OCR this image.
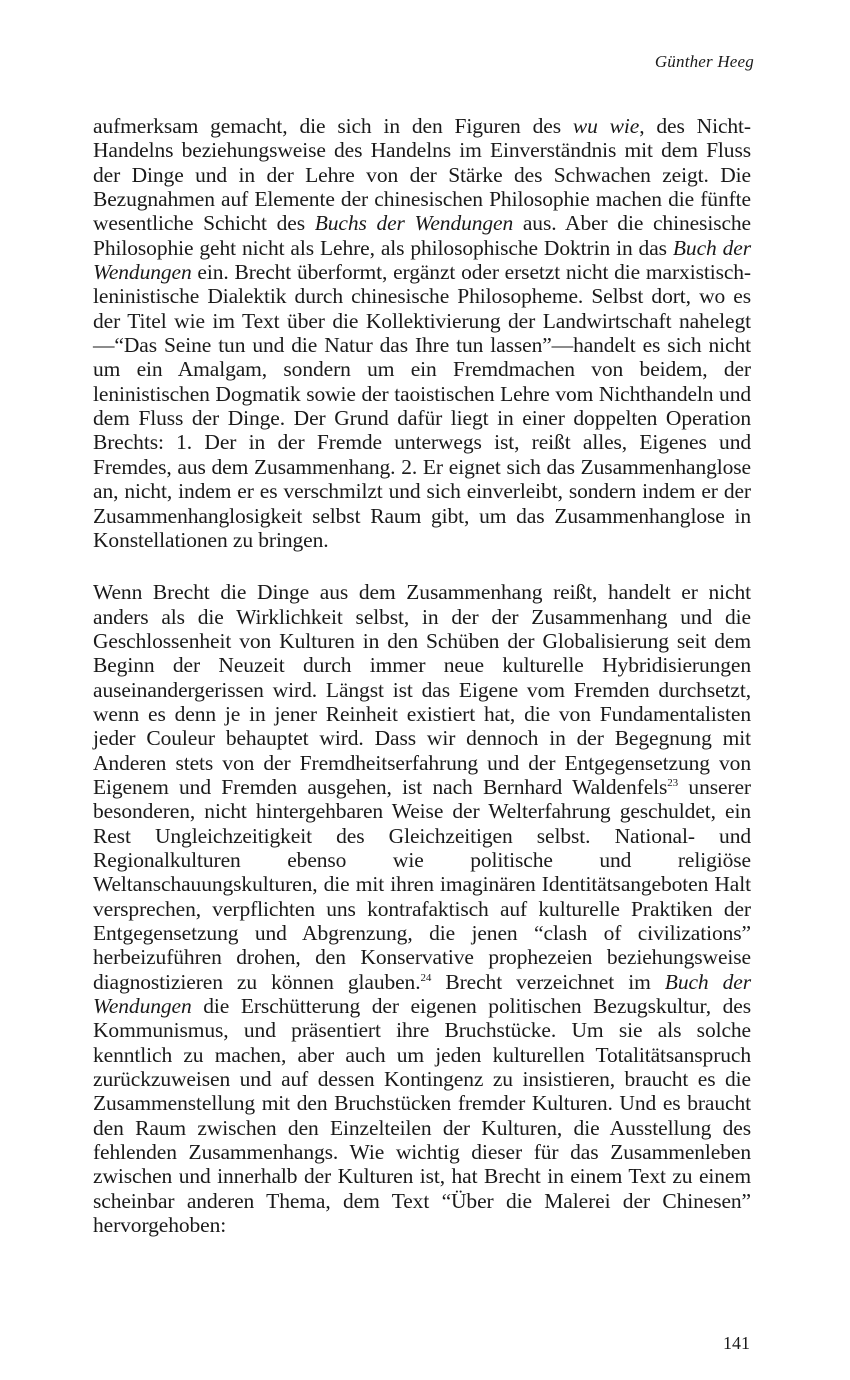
Günther Heeg

aufmerksam gemacht, die sich in den Figuren des wu wie, des Nicht-Handelns beziehungsweise des Handelns im Einverständnis mit dem Fluss der Dinge und in der Lehre von der Stärke des Schwachen zeigt. Die Bezugnahmen auf Elemente der chinesischen Philosophie machen die fünfte wesentliche Schicht des Buchs der Wendungen aus. Aber die chinesische Philosophie geht nicht als Lehre, als philosophische Doktrin in das Buch der Wendungen ein. Brecht überformt, ergänzt oder ersetzt nicht die marxistisch-leninistische Dialektik durch chinesische Philosopheme. Selbst dort, wo es der Titel wie im Text über die Kollektivierung der Landwirtschaft nahelegt—“Das Seine tun und die Natur das Ihre tun lassen”—handelt es sich nicht um ein Amalgam, sondern um ein Fremdmachen von beidem, der leninistischen Dogmatik sowie der taoistischen Lehre vom Nichthandeln und dem Fluss der Dinge. Der Grund dafür liegt in einer doppelten Operation Brechts: 1. Der in der Fremde unterwegs ist, reißt alles, Eigenes und Fremdes, aus dem Zusammenhang. 2. Er eignet sich das Zusammenhanglose an, nicht, indem er es verschmilzt und sich einverleibt, sondern indem er der Zusammenhanglosigkeit selbst Raum gibt, um das Zusammenhanglose in Konstellationen zu bringen.

Wenn Brecht die Dinge aus dem Zusammenhang reißt, handelt er nicht anders als die Wirklichkeit selbst, in der der Zusammenhang und die Geschlossenheit von Kulturen in den Schüben der Globalisierung seit dem Beginn der Neuzeit durch immer neue kulturelle Hybridisierungen auseinandergerissen wird. Längst ist das Eigene vom Fremden durchsetzt, wenn es denn je in jener Reinheit existiert hat, die von Fundamentalisten jeder Couleur behauptet wird. Dass wir dennoch in der Begegnung mit Anderen stets von der Fremdheitserfahrung und der Entgegensetzung von Eigenem und Fremden ausgehen, ist nach Bernhard Waldenfels$^{23}$ unserer besonderen, nicht hintergehbaren Weise der Welterfahrung geschuldet, ein Rest Ungleichzeitigkeit des Gleichzeitigen selbst. National- und Regionalkulturen ebenso wie politische und religiöse Weltanschauungskulturen, die mit ihren imaginären Identitätsangeboten Halt versprechen, verpflichten uns kontrafaktisch auf kulturelle Praktiken der Entgegensetzung und Abgrenzung, die jenen “clash of civilizations” herbeizuführen drohen, den Konservative prophezeien beziehungsweise diagnostizieren zu können glauben.$^{24}$ Brecht verzeichnet im Buch der Wendungen die Erschütterung der eigenen politischen Bezugskultur, des Kommunismus, und präsentiert ihre Bruchstücke. Um sie als solche kenntlich zu machen, aber auch um jeden kulturellen Totalitätsanspruch zurückzuweisen und auf dessen Kontingenz zu insistieren, braucht es die Zusammenstellung mit den Bruchstücken fremder Kulturen. Und es braucht den Raum zwischen den Einzelteilen der Kulturen, die Ausstellung des fehlenden Zusammenhangs. Wie wichtig dieser für das Zusammenleben zwischen und innerhalb der Kulturen ist, hat Brecht in einem Text zu einem scheinbar anderen Thema, dem Text “Über die Malerei der Chinesen” hervorgehoben:

141
